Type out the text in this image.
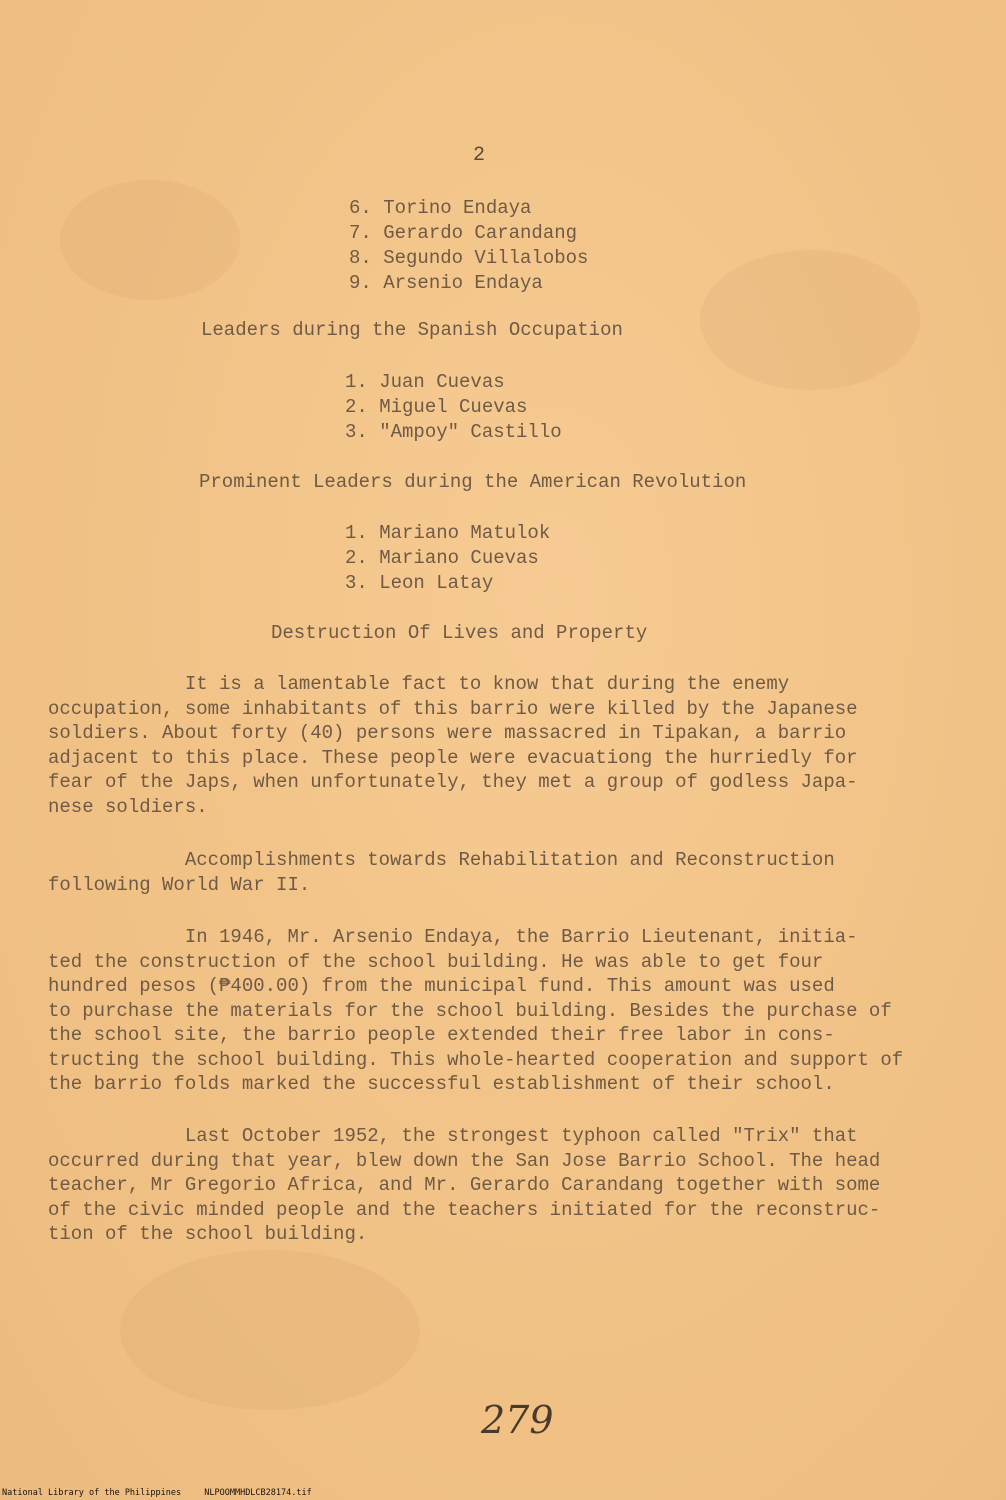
2
6. Torino Endaya
7. Gerardo Carandang
8. Segundo Villalobos
9. Arsenio Endaya
Leaders during the Spanish Occupation
1. Juan Cuevas
2. Miguel Cuevas
3. "Ampoy" Castillo
Prominent Leaders during the American Revolution
1. Mariano Matulok
2. Mariano Cuevas
3. Leon Latay
Destruction Of Lives and Property

It is a lamentable fact to know that during the enemy
occupation, some inhabitants of this barrio were killed by the Japanese
soldiers. About forty (40) persons were massacred in Tipakan, a barrio
adjacent to this place. These people were evacuationg the hurriedly for
fear of the Japs, when unfortunately, they met a group of godless Japa-
nese soldiers.

Accomplishments towards Rehabilitation and Reconstruction
following World War II.

In 1946, Mr. Arsenio Endaya, the Barrio Lieutenant, initia-
ted the construction of the school building. He was able to get four
hundred pesos (₱400.00) from the municipal fund. This amount was used
to purchase the materials for the school building. Besides the purchase of
the school site, the barrio people extended their free labor in cons-
tructing the school building. This whole-hearted cooperation and support of
the barrio folds marked the successful establishment of their school.

Last October 1952, the strongest typhoon called "Trix" that
occurred during that year, blew down the San Jose Barrio School. The head
teacher, Mr Gregorio Africa, and Mr. Gerardo Carandang together with some
of the civic minded people and the teachers initiated for the reconstruc-
tion of the school building.

279
National Library of the Philippines	NLPOOMMHDLCB28174.tif
